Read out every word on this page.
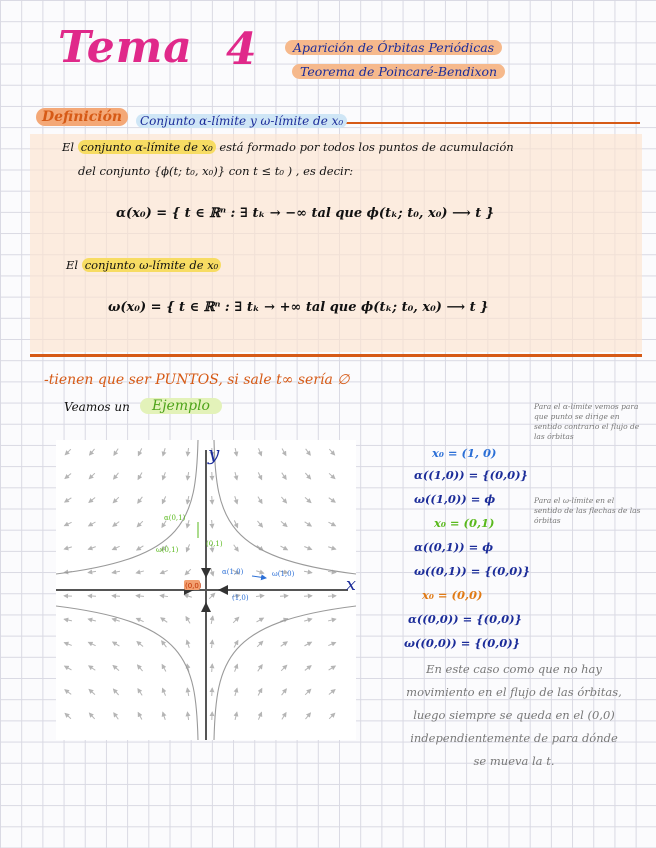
Tema 4	Aparición de Órbitas Periódicas
Teorema de Poincaré-Bendixon
Definición	Conjunto α-límite y ω-límite de x₀
El conjunto α-límite de x₀ está formado por todos los puntos de acumulación
del conjunto {ϕ(t; t₀, x₀)} con t ≤ t₀ ) , es decir:
α(x₀) = { t ∈ ℝⁿ : ∃ tₖ → −∞ tal que ϕ(tₖ; t₀, x₀) ⟶ t }
El conjunto ω-límite de x₀
ω(x₀) = { t ∈ ℝⁿ : ∃ tₖ → +∞ tal que ϕ(tₖ; t₀, x₀) ⟶ t }
-tienen que ser PUNTOS, si sale t∞ sería ∅
Veamos un	Ejemplo	Para el α-límite vemos para que punto se dirige en sentido contrario el flujo de las órbitas
Para el ω-límite en el sentido de las flechas de las órbitas
y
x
(0,0)
α(0,1)
ω(0,1)
(0,1)
α(1,0)	ω(1,0)
(1,0)
x₀ = (1, 0)
α((1,0)) = {(0,0)}
ω((1,0)) = ϕ
x₀ = (0,1)
α((0,1)) = ϕ
ω((0,1)) = {(0,0)}
x₀ = (0,0)
α((0,0)) = {(0,0)}
ω((0,0)) = {(0,0)}
En este caso como que no hay movimiento en el flujo de las órbitas, luego siempre se queda en el (0,0) independientemente de para dónde se mueva la t.
